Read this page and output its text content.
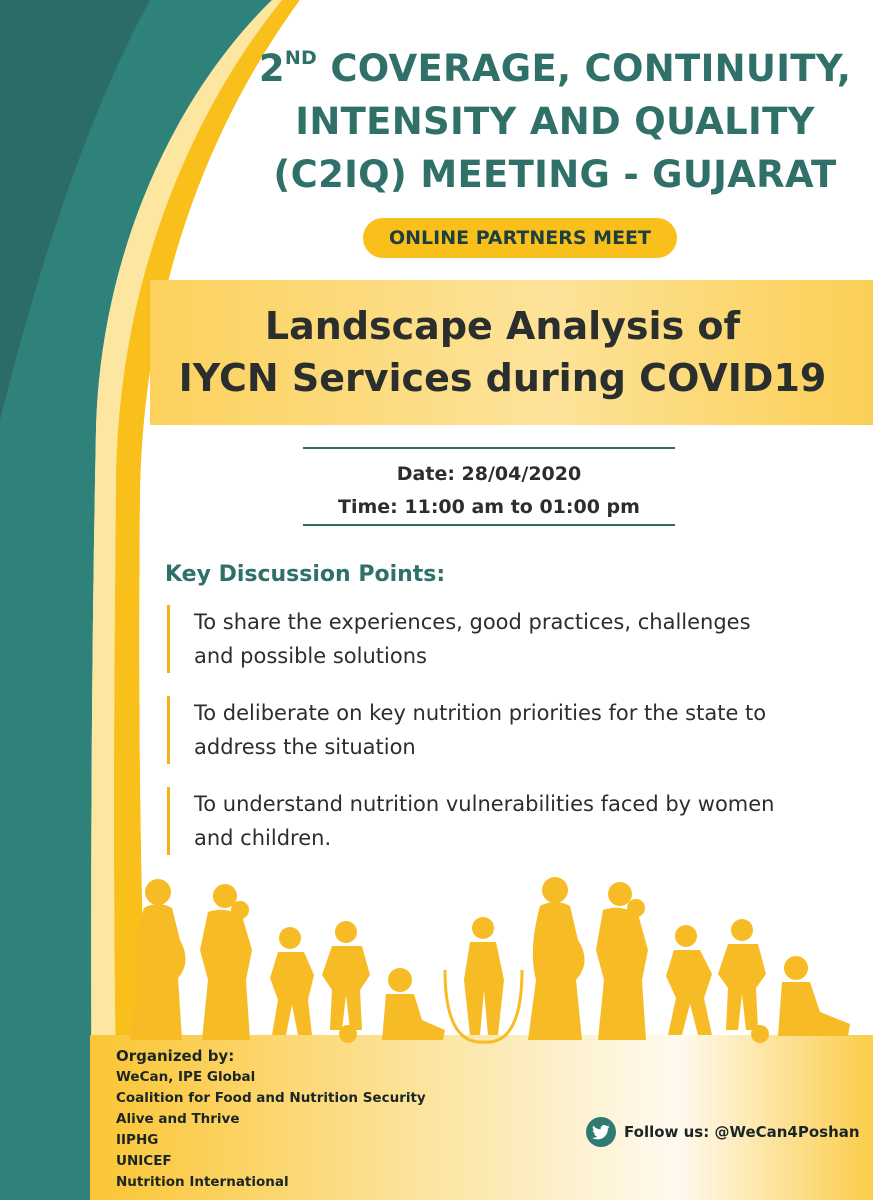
2ND COVERAGE, CONTINUITY,
INTENSITY AND QUALITY
(C2IQ) MEETING - GUJARAT
ONLINE PARTNERS MEET
Landscape Analysis of
IYCN Services during COVID19
Date: 28/04/2020
Time: 11:00 am to 01:00 pm
Key Discussion Points:
To share the experiences, good practices, challenges
and possible solutions
To deliberate on key nutrition priorities for the state to
address the situation
To understand nutrition vulnerabilities faced by women
and children.
Organized by:
WeCan, IPE Global
Coalition for Food and Nutrition Security
Alive and Thrive
IIPHG
UNICEF
Nutrition International
Follow us: @WeCan4Poshan
